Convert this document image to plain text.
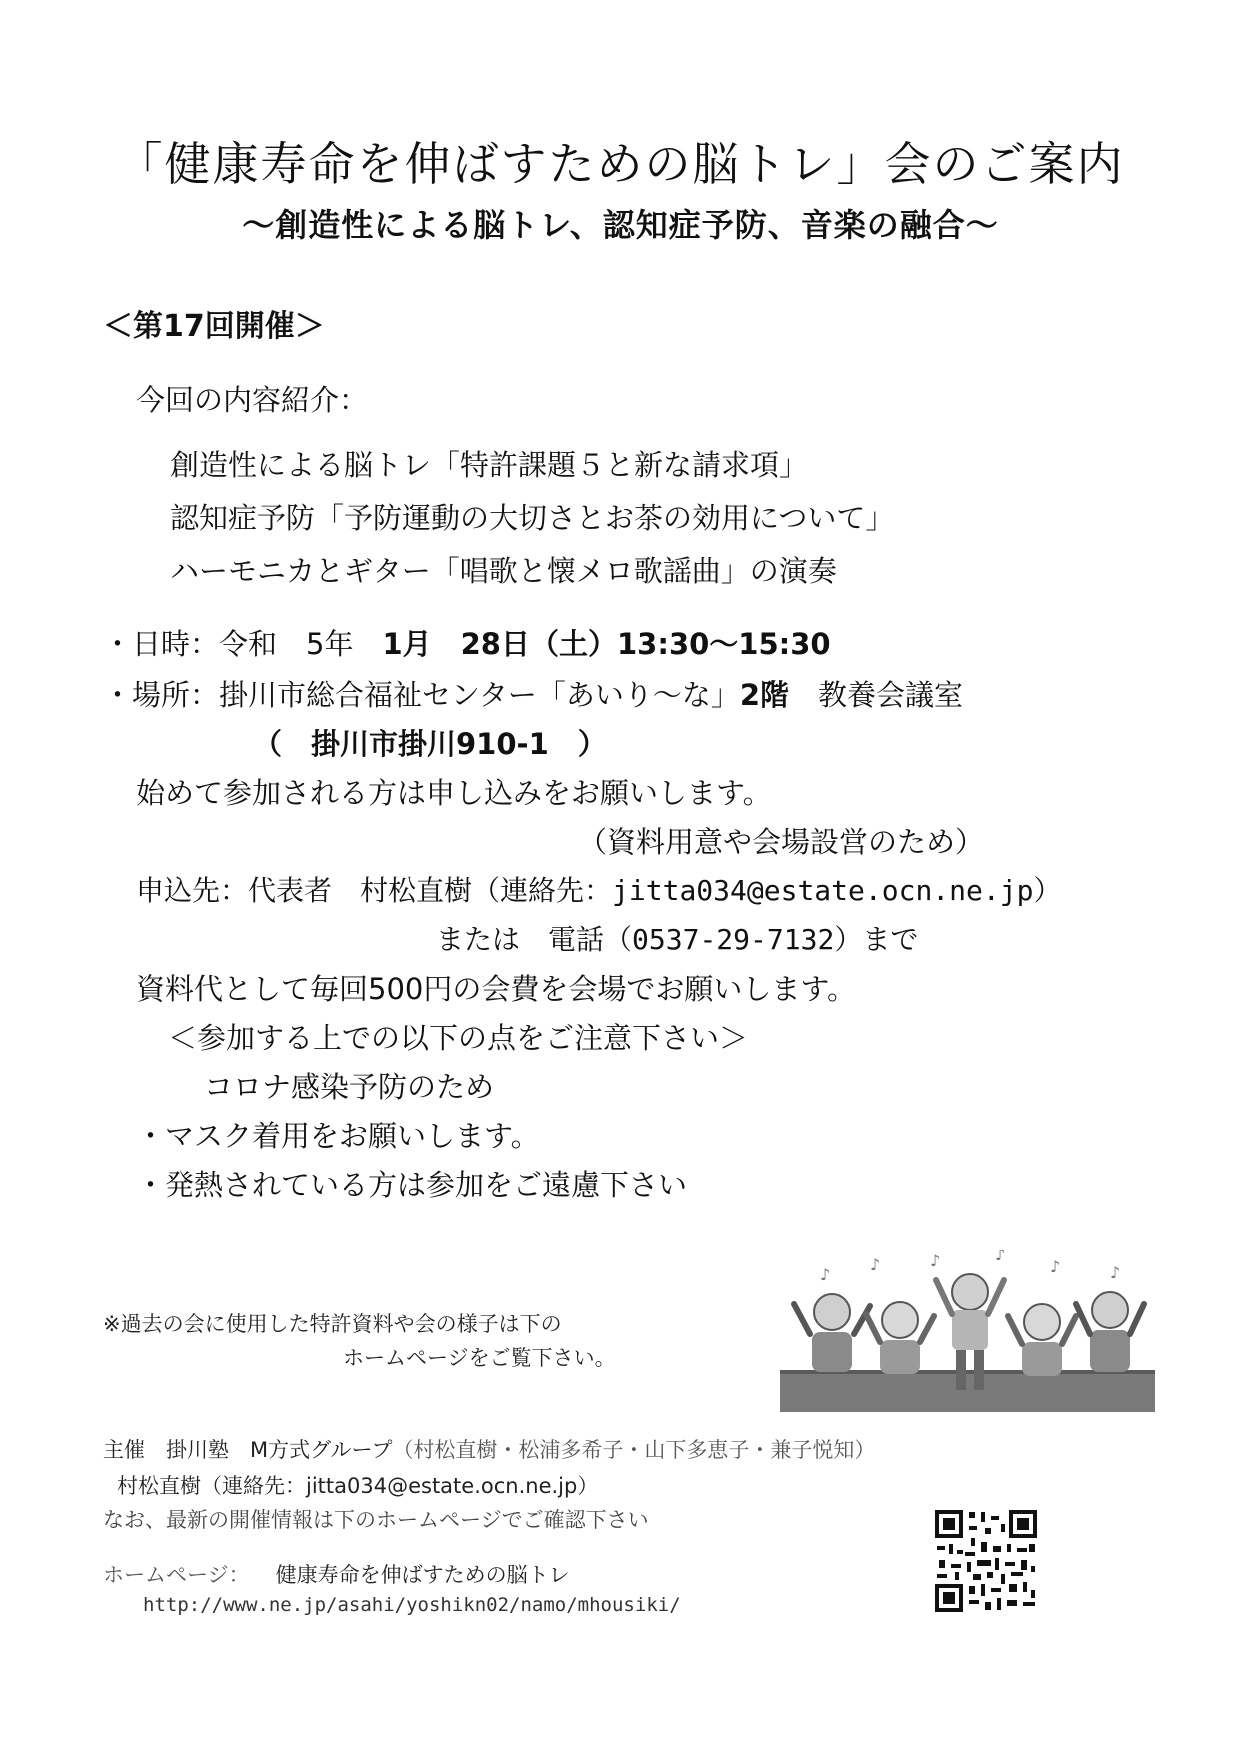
「健康寿命を伸ばすための脳トレ」会のご案内
〜創造性による脳トレ、認知症予防、音楽の融合〜
＜第17回開催＞
今回の内容紹介：
創造性による脳トレ「特許課題５と新な請求項」
認知症予防「予防運動の大切さとお茶の効用について」
ハーモニカとギター「唱歌と懐メロ歌謡曲」の演奏
・日時：令和　5年　1月　28日（土）13:30〜15:30
・場所：掛川市総合福祉センター「あいり〜な」2階　教養会議室
（　掛川市掛川910-1　）
始めて参加される方は申し込みをお願いします。
（資料用意や会場設営のため）
申込先：代表者　村松直樹（連絡先：jitta034@estate.ocn.ne.jp）
または　電話（0537-29-7132）まで
資料代として毎回500円の会費を会場でお願いします。
＜参加する上での以下の点をご注意下さい＞
コロナ感染予防のため
・マスク着用をお願いします。
・発熱されている方は参加をご遠慮下さい
※過去の会に使用した特許資料や会の様子は下の
ホームページをご覧下さい。
♪
♪	♪	♪
♪	♪
主催　掛川塾　M方式グループ（村松直樹・松浦多希子・山下多恵子・兼子悦知）
村松直樹（連絡先：jitta034@estate.ocn.ne.jp）
なお、最新の開催情報は下のホームページでご確認下さい
ホームページ： 健康寿命を伸ばすための脳トレ
http://www.ne.jp/asahi/yoshikn02/namo/mhousiki/
